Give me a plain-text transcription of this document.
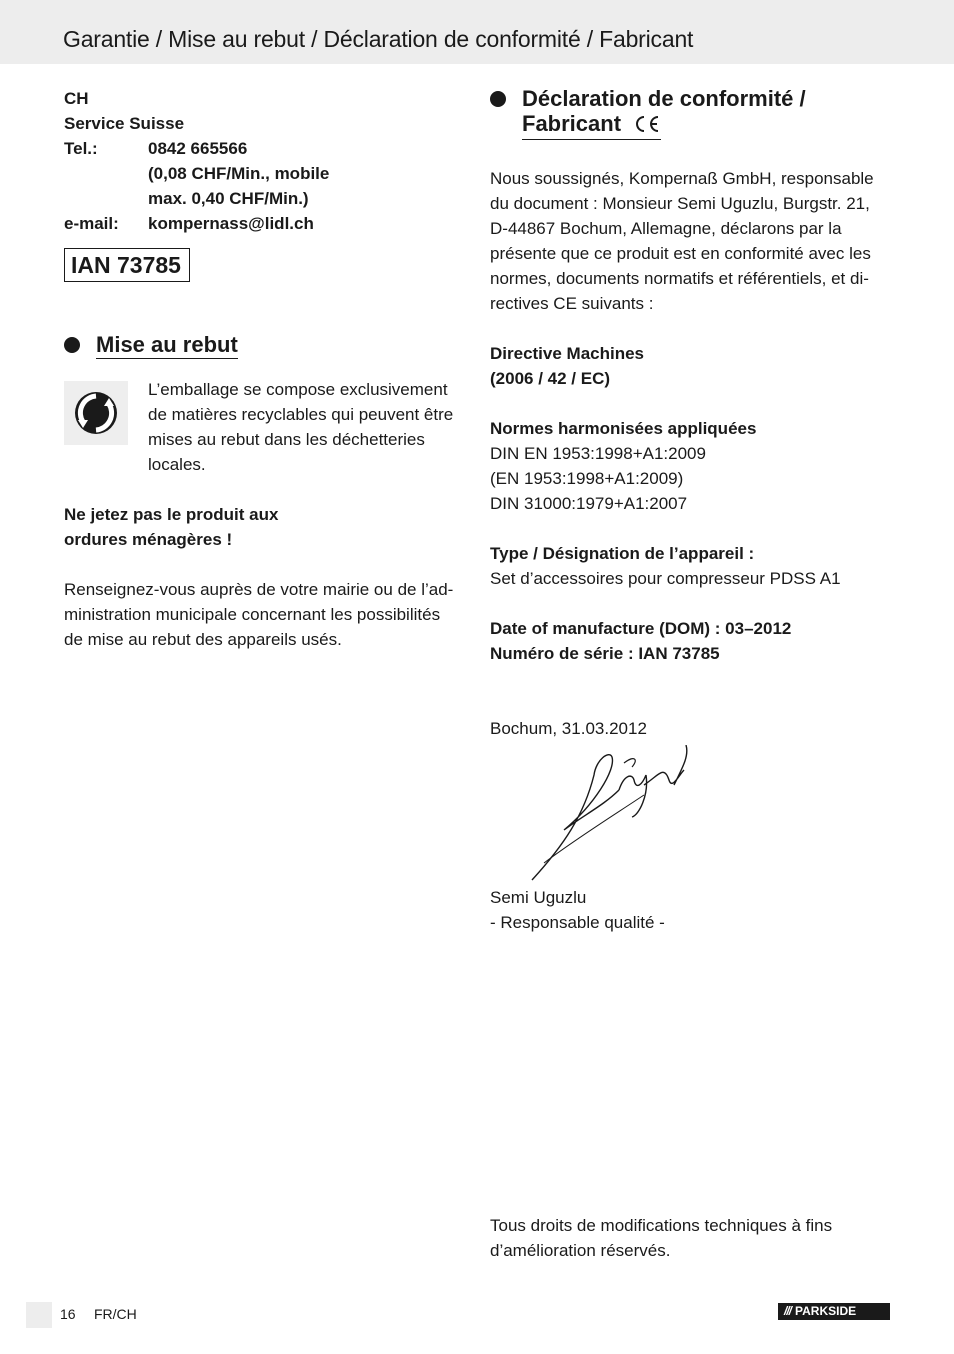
Garantie / Mise au rebut / Déclaration de conformité / Fabricant
CH
Service Suisse
Tel.:	0842 665566
(0,08 CHF/Min., mobile
max. 0,40 CHF/Min.)
e-mail:	kompernass@lidl.ch
IAN 73785
Mise au rebut
L’emballage se compose exclusivement
de matières recyclables qui peuvent être
mises au rebut dans les déchetteries
locales.
Ne jetez pas le produit aux
ordures ménagères !
Renseignez-vous auprès de votre mairie ou de l’ad-
ministration municipale concernant les possibilités
de mise au rebut des appareils usés.
Déclaration de conformité /
Fabricant
Nous soussignés, Kompernaß GmbH, responsable
du document : Monsieur Semi Uguzlu, Burgstr. 21,
D-44867 Bochum, Allemagne, déclarons par la
présente que ce produit est en conformité avec les
normes, documents normatifs et référentiels, et di-
rectives CE suivants :
Directive Machines
(2006 / 42 / EC)
Normes harmonisées appliquées
DIN EN 1953:1998+A1:2009
(EN 1953:1998+A1:2009)
DIN 31000:1979+A1:2007
Type / Désignation de l’appareil :
Set d’accessoires pour compresseur PDSS A1
Date of manufacture (DOM) : 03–2012
Numéro de série : IAN 73785
Bochum, 31.03.2012
Semi Uguzlu
- Responsable qualité -
Tous droits de modifications techniques à fins
d’amélioration réservés.
16 FR/CH	/// PARKSIDE
